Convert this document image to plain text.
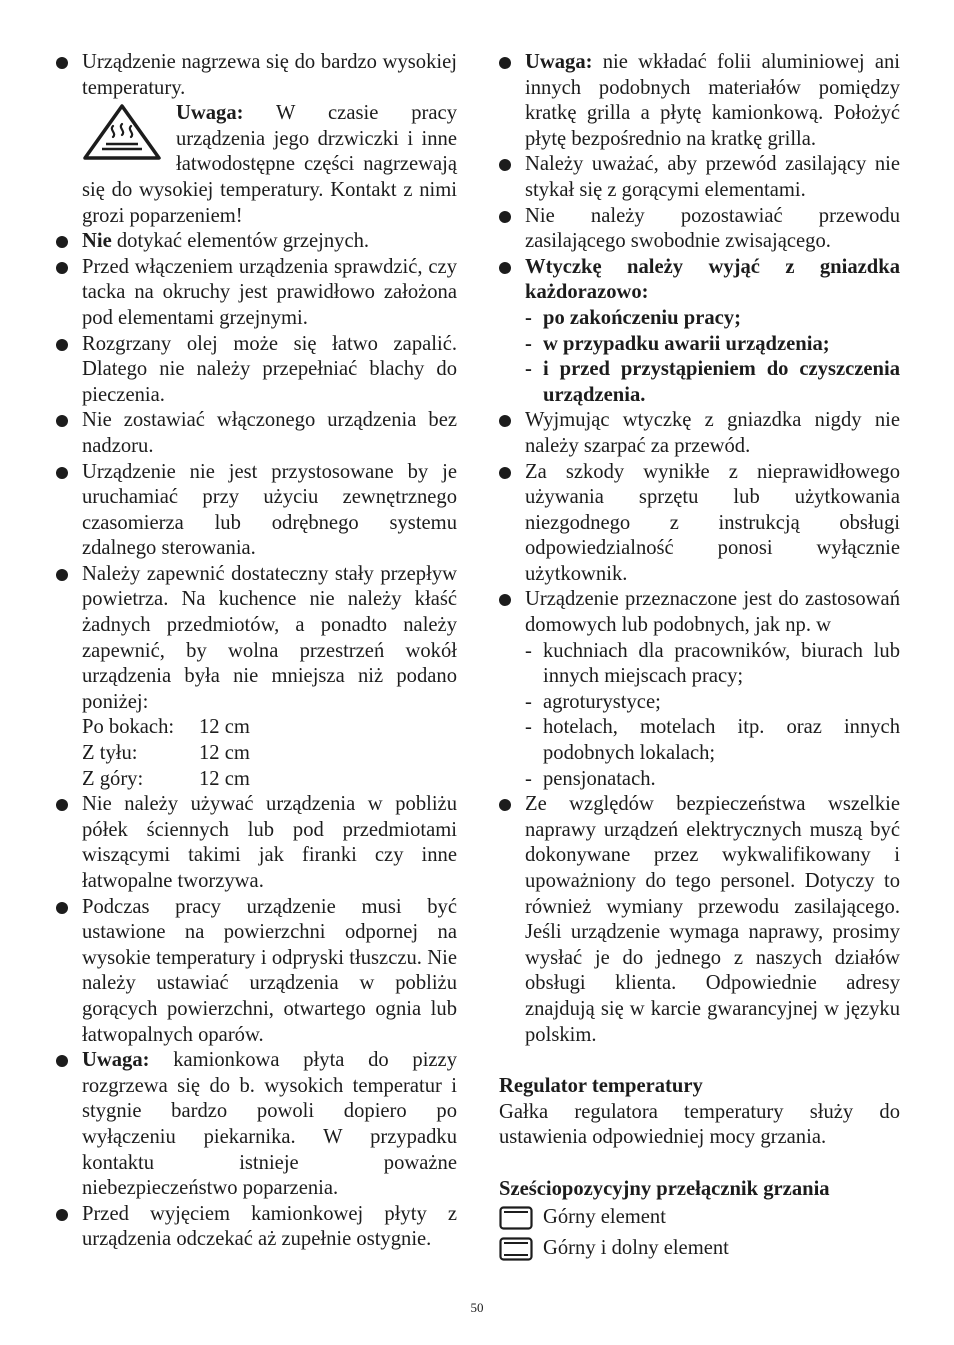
Urządzenie nagrzewa się do bardzo wysokiej temperatury.

Uwaga: W czasie pracy urządzenia jego drzwiczki i inne łatwodostępne części nagrzewają się do wysokiej temperatury. Kontakt z nimi grozi poparzeniem!

Nie dotykać elementów grzejnych.
Przed włączeniem urządzenia sprawdzić, czy tacka na okruchy jest prawidłowo założona pod elementami grzejnymi.
Rozgrzany olej może się łatwo zapalić. Dlatego nie należy przepełniać blachy do pieczenia.
Nie zostawiać włączonego urządzenia bez nadzoru.
Urządzenie nie jest przystosowane by je uruchamiać przy użyciu zewnętrznego czasomierza lub odrębnego systemu zdalnego sterowania.
Należy zapewnić dostateczny stały przepływ powietrza. Na kuchence nie należy kłaść żadnych przedmiotów, a ponadto należy zapewnić, by wolna przestrzeń wokół urządzenia była nie mniejsza niż podano poniżej:
Po bokach:	12 cm
Z tyłu:	12 cm
Z góry:	12 cm
Nie należy używać urządzenia w pobliżu półek ściennych lub pod przedmiotami wiszącymi takimi jak firanki czy inne łatwopalne tworzywa.
Podczas pracy urządzenie musi być ustawione na powierzchni odpornej na wysokie temperatury i odpryski tłuszczu. Nie należy ustawiać urządzenia w pobliżu gorących powierzchni, otwartego ognia lub łatwopalnych oparów.
Uwaga: kamionkowa płyta do pizzy rozgrzewa się do b. wysokich temperatur i stygnie bardzo powoli dopiero po wyłączeniu piekarnika. W przypadku kontaktu istnieje poważne niebezpieczeństwo poparzenia.
Przed wyjęciem kamionkowej płyty z urządzenia odczekać aż zupełnie ostygnie.
Uwaga: nie wkładać folii aluminiowej ani innych podobnych materiałów pomiędzy kratkę grilla a płytę kamionkową. Położyć płytę bezpośrednio na kratkę grilla.
Należy uważać, aby przewód zasilający nie stykał się z gorącymi elementami.
Nie należy pozostawiać przewodu zasilającego swobodnie zwisającego.
Wtyczkę należy wyjąć z gniazdka każdorazowo:
- po zakończeniu pracy;
- w przypadku awarii urządzenia;
- i przed przystąpieniem do czyszczenia urządzenia.
Wyjmując wtyczkę z gniazdka nigdy nie należy szarpać za przewód.
Za szkody wynikłe z nieprawidłowego używania sprzętu lub użytkowania niezgodnego z instrukcją obsługi odpowiedzialność ponosi wyłącznie użytkownik.
Urządzenie przeznaczone jest do zastosowań domowych lub podobnych, jak np. w
- kuchniach dla pracowników, biurach lub innych miejscach pracy;
- agroturystyce;
- hotelach, motelach itp. oraz innych podobnych lokalach;
- pensjonatach.
Ze względów bezpieczeństwa wszelkie naprawy urządzeń elektrycznych muszą być dokonywane przez wykwalifikowany i upoważniony do tego personel. Dotyczy to również wymiany przewodu zasilającego. Jeśli urządzenie wymaga naprawy, prosimy wysłać je do jednego z naszych działów obsługi klienta. Odpowiednie adresy znajdują się w karcie gwarancyjnej w języku polskim.
Regulator temperatury

Gałka regulatora temperatury służy do ustawienia odpowiedniej mocy grzania.

Sześciopozycyjny przełącznik grzania
Górny element
Górny i dolny element
50
